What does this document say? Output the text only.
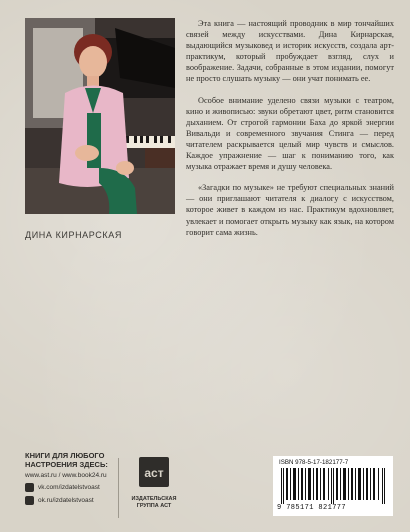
ДИНА КИРНАРСКАЯ

Эта книга — настоящий проводник в мир тончайших связей между искусствами. Дина Кирнарская, выдающийся музыковед и историк искусств, создала арт-практикум, который пробуждает взгляд, слух и воображение. Задачи, собранные в этом издании, помогут не просто слушать музыку — они учат понимать ее.

Особое внимание уделено связи музыки с театром, кино и живописью: звуки обретают цвет, ритм становится дыханием. От строгой гармонии Баха до яркой энергии Вивальди и современного звучания Стинга — перед читателем раскрывается целый мир чувств и смыслов. Каждое упражнение — шаг к пониманию того, как музыка отражает время и душу человека.

«Загадки по музыке» не требуют специальных знаний — они приглашают читателя к диалогу с искусством, которое живет в каждом из нас. Практикум вдохновляет, увлекает и помогает открыть музыку как язык, на котором говорит сама жизнь.

КНИГИ ДЛЯ ЛЮБОГО
НАСТРОЕНИЯ ЗДЕСЬ:
www.ast.ru / www.book24.ru
vk.com/izdatelstvoast
ok.ru/izdatelstvoast
аст
ИЗДАТЕЛЬСКАЯ
ГРУППА АСТ
ISBN 978-5-17-182177-7
9 785171 821777
